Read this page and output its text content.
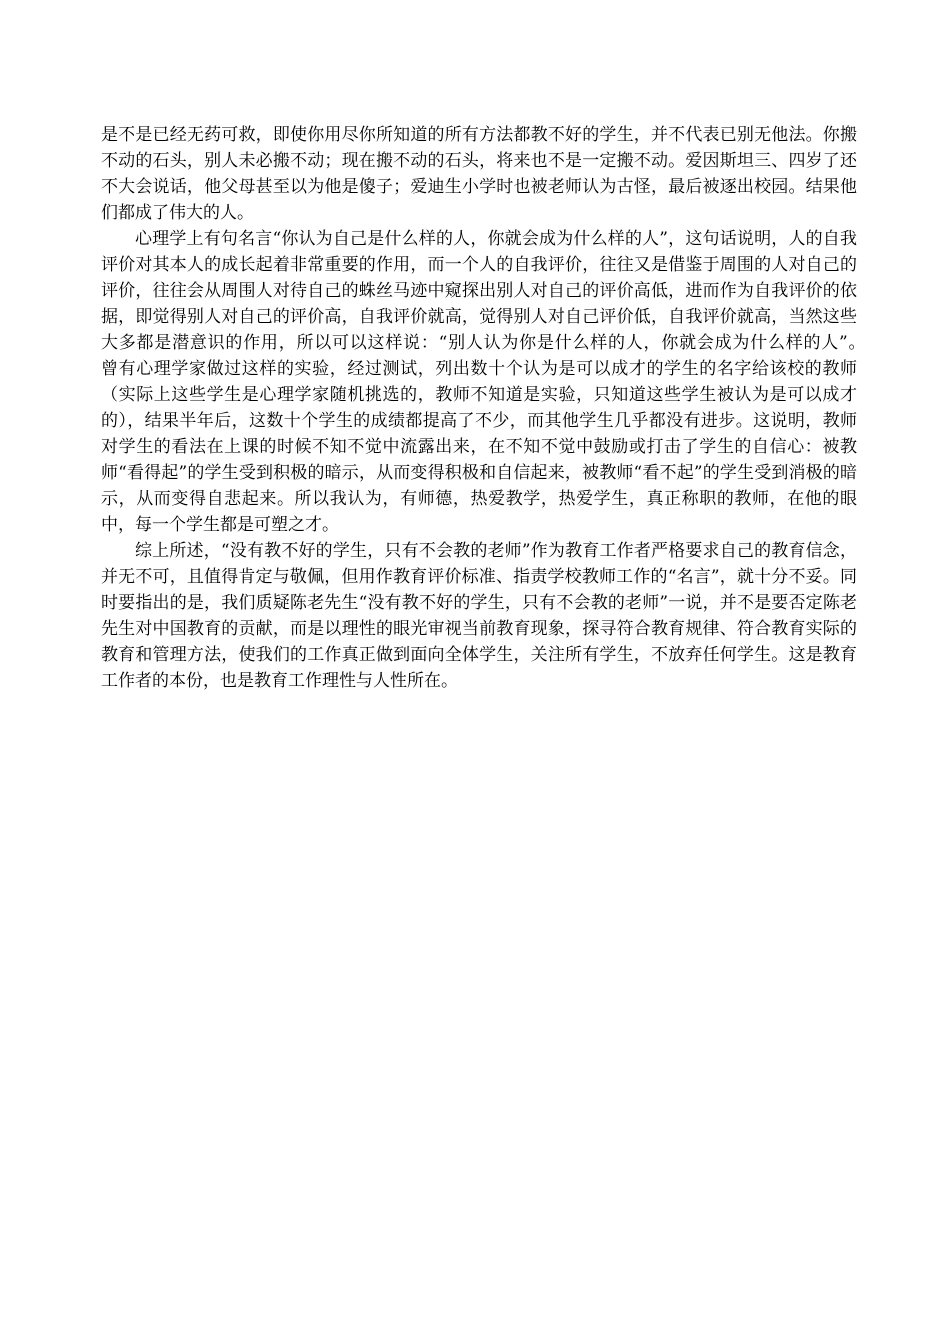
是不是已经无药可救，即使你用尽你所知道的所有方法都教不好的学生，并不代表已别无他法。你搬不动的石头，别人未必搬不动；现在搬不动的石头，将来也不是一定搬不动。爱因斯坦三、四岁了还不大会说话，他父母甚至以为他是傻子；爱迪生小学时也被老师认为古怪，最后被逐出校园。结果他们都成了伟大的人。

心理学上有句名言“你认为自己是什么样的人，你就会成为什么样的人”，这句话说明，人的自我评价对其本人的成长起着非常重要的作用，而一个人的自我评价，往往又是借鉴于周围的人对自己的评价，往往会从周围人对待自己的蛛丝马迹中窥探出别人对自己的评价高低，进而作为自我评价的依据，即觉得别人对自己的评价高，自我评价就高，觉得别人对自己评价低，自我评价就高，当然这些大多都是潜意识的作用，所以可以这样说：“别人认为你是什么样的人，你就会成为什么样的人”。　曾有心理学家做过这样的实验，经过测试，列出数十个认为是可以成才的学生的名字给该校的教师（实际上这些学生是心理学家随机挑选的，教师不知道是实验，只知道这些学生被认为是可以成才的），结果半年后，这数十个学生的成绩都提高了不少，而其他学生几乎都没有进步。这说明，教师对学生的看法在上课的时候不知不觉中流露出来，在不知不觉中鼓励或打击了学生的自信心：被教师“看得起”的学生受到积极的暗示，从而变得积极和自信起来，被教师“看不起”的学生受到消极的暗示，从而变得自悲起来。所以我认为，有师德，热爱教学，热爱学生，真正称职的教师，在他的眼中，每一个学生都是可塑之才。

综上所述，“没有教不好的学生，只有不会教的老师”作为教育工作者严格要求自己的教育信念，并无不可，且值得肯定与敬佩，但用作教育评价标准、指责学校教师工作的“名言”，就十分不妥。同时要指出的是，我们质疑陈老先生“没有教不好的学生，只有不会教的老师”一说，并不是要否定陈老先生对中国教育的贡献，而是以理性的眼光审视当前教育现象，探寻符合教育规律、符合教育实际的教育和管理方法，使我们的工作真正做到面向全体学生，关注所有学生，不放弃任何学生。这是教育工作者的本份，也是教育工作理性与人性所在。
